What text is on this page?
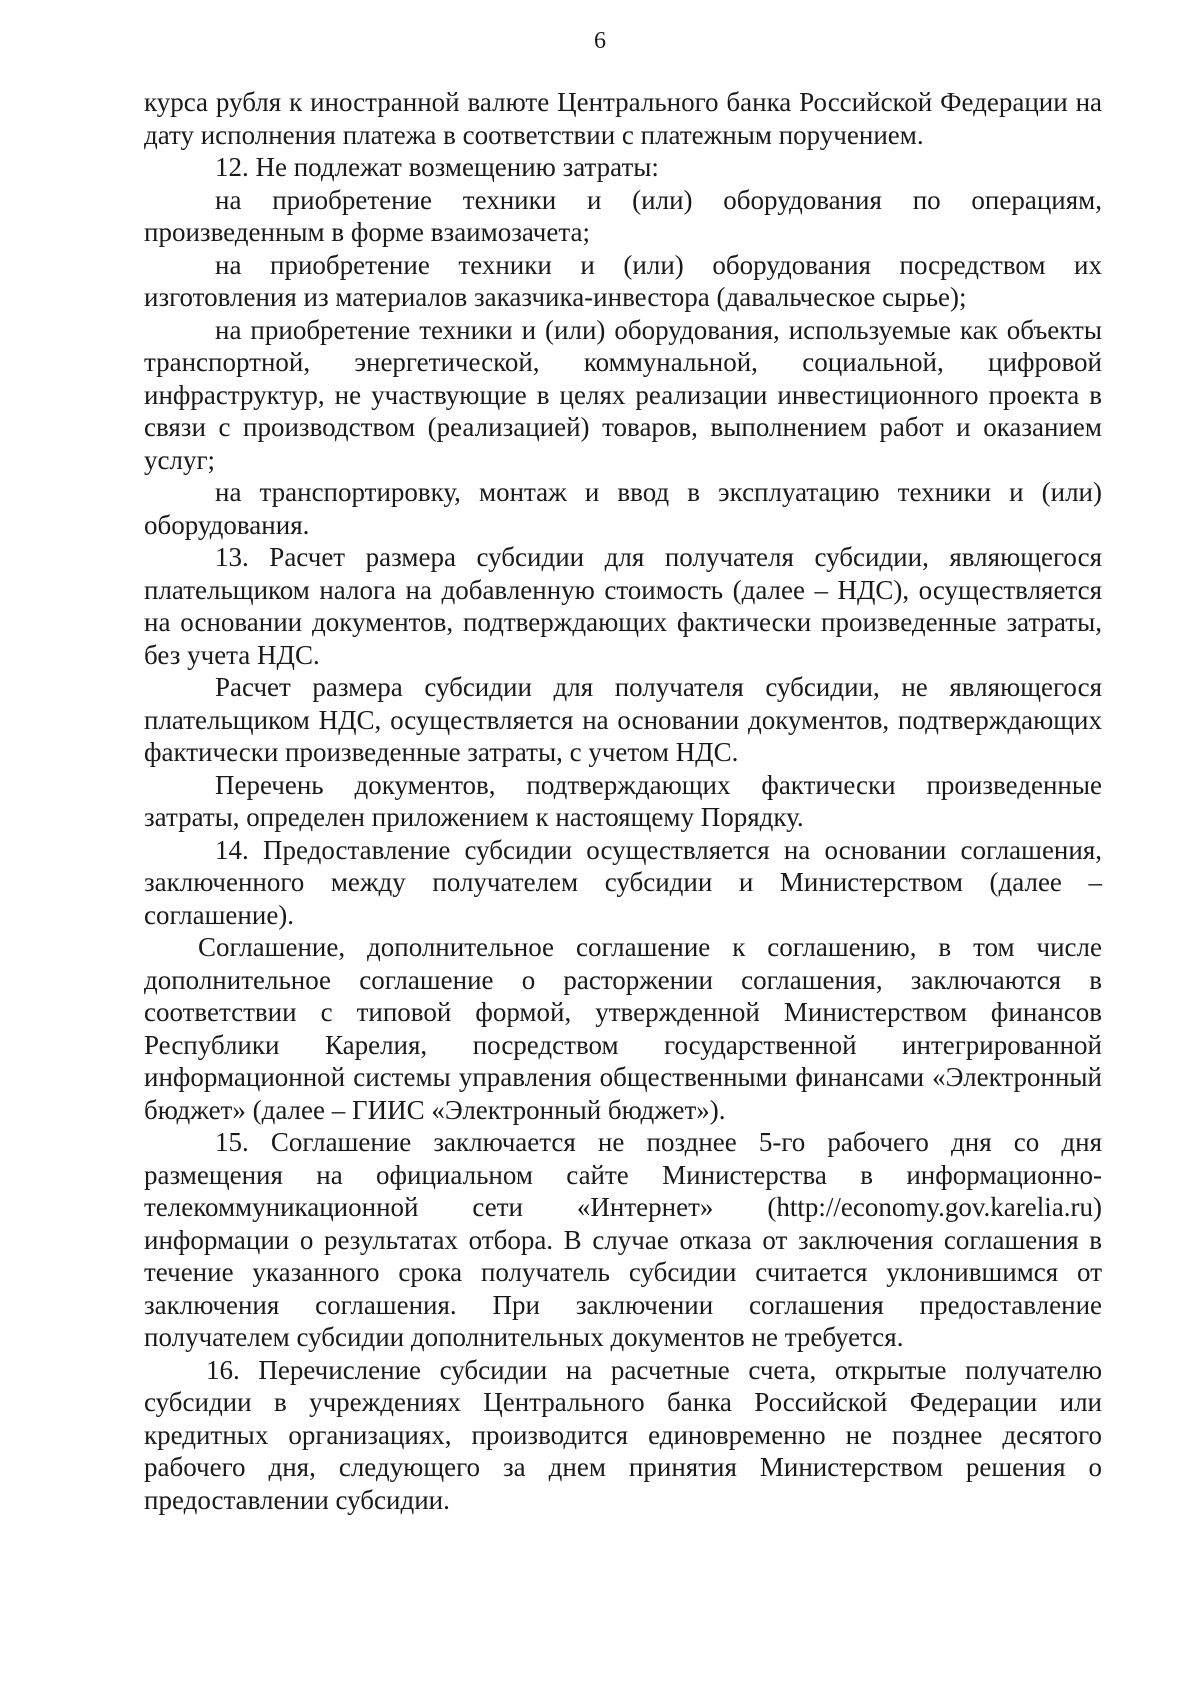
6

курса рубля к иностранной валюте Центрального банка Российской Федерации на дату исполнения платежа в соответствии с платежным поручением.

12. Не подлежат возмещению затраты:

на приобретение техники и (или) оборудования по операциям, произведенным в форме взаимозачета;

на приобретение техники и (или) оборудования посредством их изготовления из материалов заказчика-инвестора (давальческое сырье);

на приобретение техники и (или) оборудования, используемые как объекты транспортной, энергетической, коммунальной, социальной, цифровой инфраструктур, не участвующие в целях реализации инвестиционного проекта в связи с производством (реализацией) товаров, выполнением работ и оказанием услуг;

на транспортировку, монтаж и ввод в эксплуатацию техники и (или) оборудования.

13. Расчет размера субсидии для получателя субсидии, являющегося плательщиком налога на добавленную стоимость (далее – НДС), осуществляется на основании документов, подтверждающих фактически произведенные затраты, без учета НДС.

Расчет размера субсидии для получателя субсидии, не являющегося плательщиком НДС, осуществляется на основании документов, подтверждающих фактически произведенные затраты, с учетом НДС.

Перечень документов, подтверждающих фактически произведенные затраты, определен приложением к настоящему Порядку.

14. Предоставление субсидии осуществляется на основании соглашения, заключенного между получателем субсидии и Министерством (далее – соглашение).

Соглашение, дополнительное соглашение к соглашению, в том числе дополнительное соглашение о расторжении соглашения, заключаются в соответствии с типовой формой, утвержденной Министерством финансов Республики Карелия, посредством государственной интегрированной информационной системы управления общественными финансами «Электронный бюджет» (далее – ГИИС «Электронный бюджет»).

15. Соглашение заключается не позднее 5-го рабочего дня со дня размещения на официальном сайте Министерства в информационно-телекоммуникационной сети «Интернет» (http://economy.gov.karelia.ru) информации о результатах отбора. В случае отказа от заключения соглашения в течение указанного срока получатель субсидии считается уклонившимся от заключения соглашения. При заключении соглашения предоставление получателем субсидии дополнительных документов не требуется.

16. Перечисление субсидии на расчетные счета, открытые получателю субсидии в учреждениях Центрального банка Российской Федерации или кредитных организациях, производится единовременно не позднее десятого рабочего дня, следующего за днем принятия Министерством решения о предоставлении субсидии.
